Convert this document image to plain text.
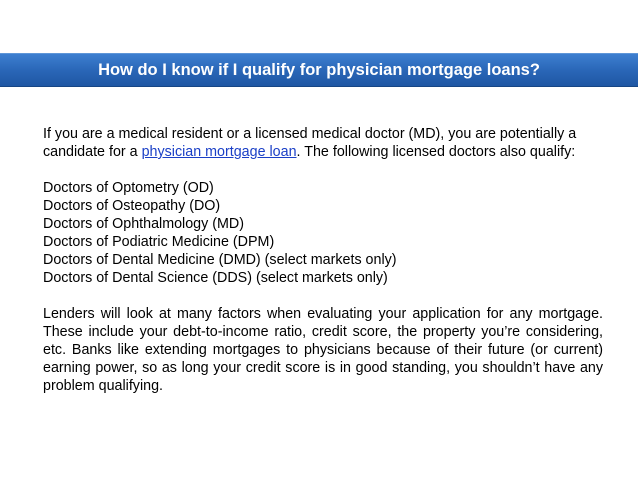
How do I know if I qualify for physician mortgage loans?

If you are a medical resident or a licensed medical doctor (MD), you are potentially a candidate for a physician mortgage loan. The following licensed doctors also qualify:

Doctors of Optometry (OD)
Doctors of Osteopathy (DO)
Doctors of Ophthalmology (MD)
Doctors of Podiatric Medicine (DPM)
Doctors of Dental Medicine (DMD) (select markets only)
Doctors of Dental Science (DDS) (select markets only)

Lenders will look at many factors when evaluating your application for any mortgage. These include your debt-to-income ratio, credit score, the property you’re considering, etc. Banks like extending mortgages to physicians because of their future (or current) earning power, so as long your credit score is in good standing, you shouldn’t have any problem qualifying.
